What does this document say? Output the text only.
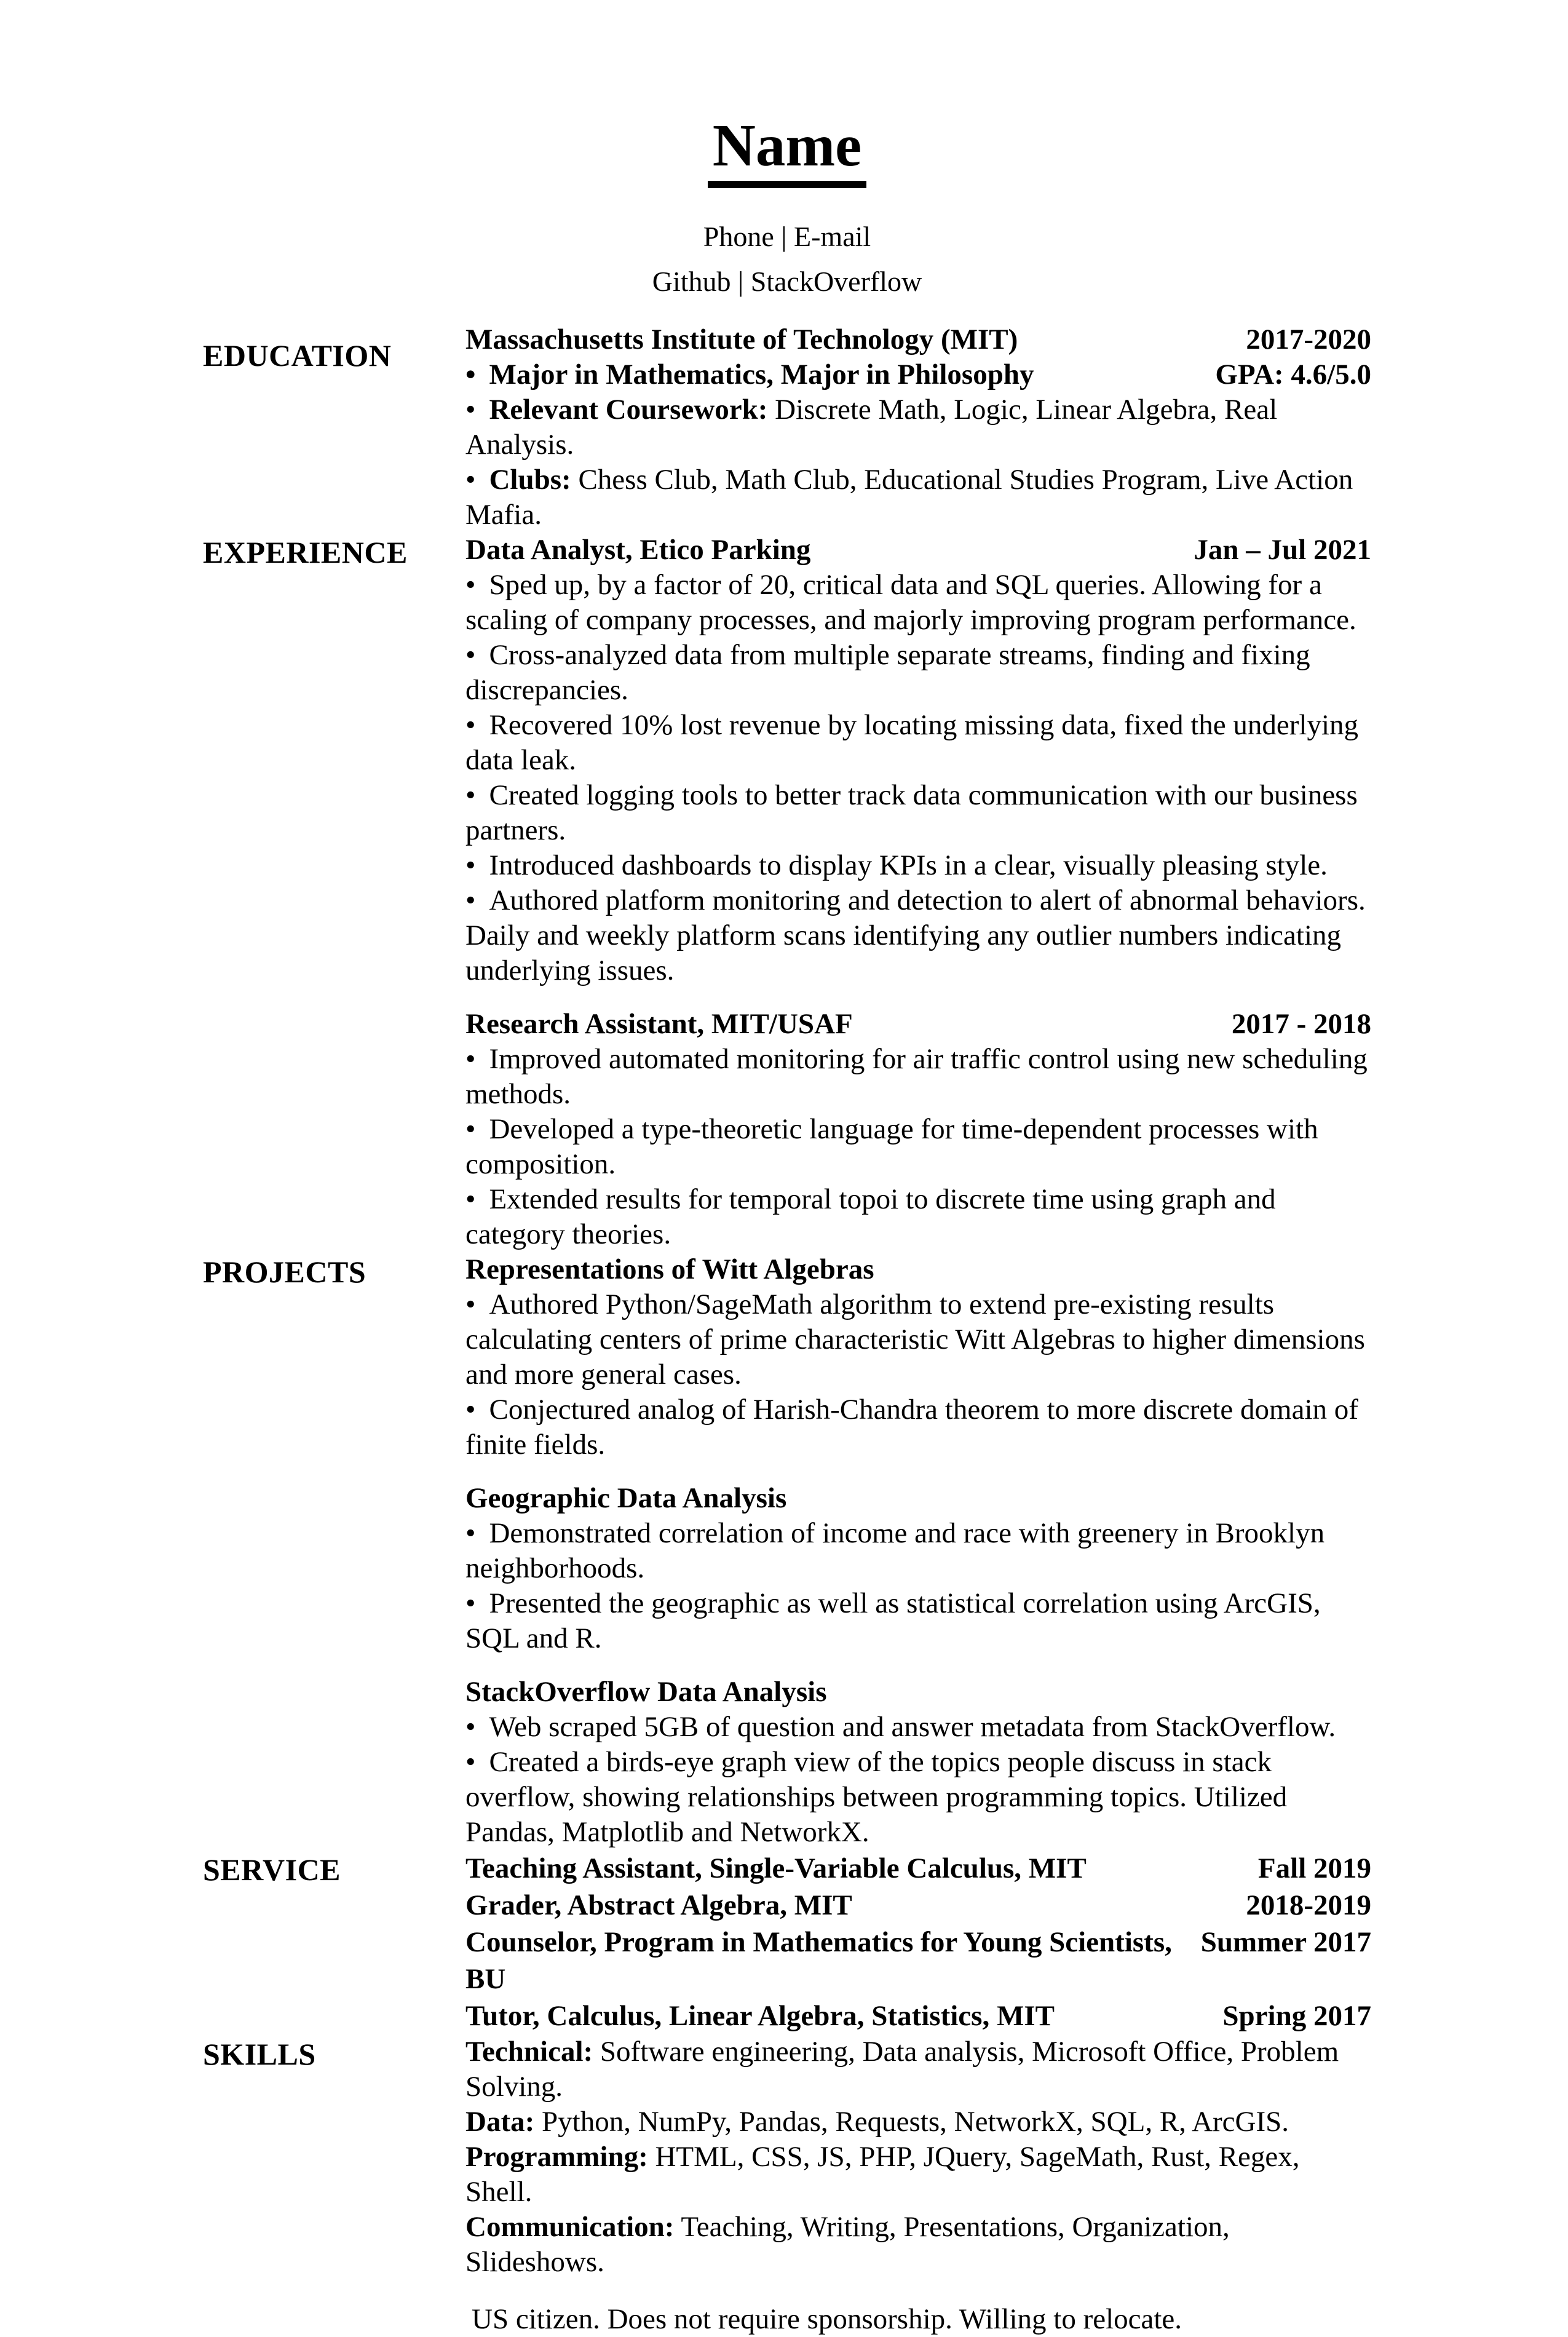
Name
Phone | E-mail
Github | StackOverflow
EDUCATION	Massachusetts Institute of Technology (MIT)	2017-2020
• Major in Mathematics, Major in Philosophy	GPA: 4.6/5.0
• Relevant Coursework: Discrete Math, Logic, Linear Algebra, Real Analysis.
• Clubs: Chess Club, Math Club, Educational Studies Program, Live Action Mafia.
EXPERIENCE	Data Analyst, Etico Parking	Jan – Jul 2021
• Sped up, by a factor of 20, critical data and SQL queries. Allowing for a scaling of company processes, and majorly improving program performance.
• Cross-analyzed data from multiple separate streams, finding and fixing discrepancies.
• Recovered 10% lost revenue by locating missing data, fixed the underlying data leak.
• Created logging tools to better track data communication with our business partners.
• Introduced dashboards to display KPIs in a clear, visually pleasing style.
• Authored platform monitoring and detection to alert of abnormal behaviors. Daily and weekly platform scans identifying any outlier numbers indicating underlying issues.
Research Assistant, MIT/USAF	2017 - 2018
• Improved automated monitoring for air traffic control using new scheduling methods.
• Developed a type-theoretic language for time-dependent processes with composition.
• Extended results for temporal topoi to discrete time using graph and category theories.
PROJECTS	Representations of Witt Algebras
• Authored Python/SageMath algorithm to extend pre-existing results calculating centers of prime characteristic Witt Algebras to higher dimensions and more general cases.
• Conjectured analog of Harish-Chandra theorem to more discrete domain of finite fields.
Geographic Data Analysis
• Demonstrated correlation of income and race with greenery in Brooklyn neighborhoods.
• Presented the geographic as well as statistical correlation using ArcGIS, SQL and R.
StackOverflow Data Analysis
• Web scraped 5GB of question and answer metadata from StackOverflow.
• Created a birds-eye graph view of the topics people discuss in stack overflow, showing relationships between programming topics. Utilized Pandas, Matplotlib and NetworkX.
SERVICE	Teaching Assistant, Single-Variable Calculus, MIT	Fall 2019
Grader, Abstract Algebra, MIT	2018-2019
Counselor, Program in Mathematics for Young Scientists, BU
Summer 2017
Tutor, Calculus, Linear Algebra, Statistics, MIT	Spring 2017
SKILLS	Technical: Software engineering, Data analysis, Microsoft Office, Problem Solving.
Data: Python, NumPy, Pandas, Requests, NetworkX, SQL, R, ArcGIS.
Programming: HTML, CSS, JS, PHP, JQuery, SageMath, Rust, Regex, Shell.
Communication: Teaching, Writing, Presentations, Organization, Slideshows.
US citizen. Does not require sponsorship. Willing to relocate.
